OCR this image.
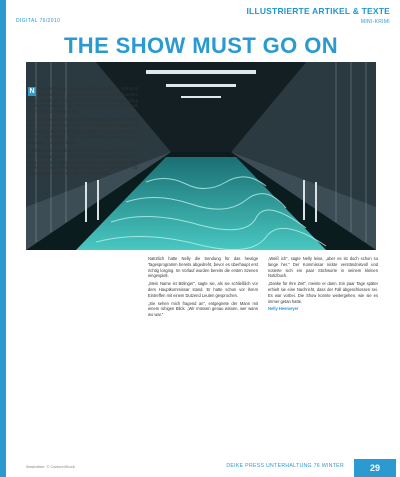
ILLUSTRIERTE ARTIKEL & TEXTE
DIGITAL 76/2010	MINI-KRIMI
THE SHOW MUST GO ON

N Nelly Heemeyer ließ eigentlich Nerge füllen. Während ihre Gäste sich im Rahmen eines Sonntag verbrachten hatte, spielte die Show um sie herum als Sonntagsausflug zu dem Rennen am Bad. Sie wusste noch nicht, was heute noch alles geschehen sollte.

„Ich werde mich jetzt in die besten Kostüm hüllen“, erklärte sie. Die Sitze waren bereits mit Menschen belegt, die gespannt auf die Vorstellung warteten. Nelly war nicht mehr davon abzubringen und die Moderation musste jetzt beginnen. Sie bat um Ruhe.

Am folgenden Vormittag fühlte sich Nelly Wagner - und wohl bald niemand mehr mit ihren Kollegen in einer heimeligen Stimmung. Die Aufnahme der nächsten Folge stand an. Das Publikum war vollzählig erschienen, und auch die Kameraleute hatten ihre Plätze eingenommen.

Natürlich hatte Nelly die Sendung für das heutige Tagesprogramm bereits abgedreht, bevor es überhaupt erst richtig losging. Im Vorlauf wurden bereits die ersten Szenen eingespielt.

„Mein Name ist Bölinger“, sagte sie, als sie schließlich vor dem Hauptkommissar stand. Er hatte schon vor ihrem Eintreffen mit einem Dutzend Leuten gesprochen.

„Sie sehen mich fragend an“, entgegnete der Mann mit einem ruhigen Blick. „Wir müssen genau wissen, wer wann wo war.“

„Weiß ich“, sagte Nelly leise, „aber es ist doch schon so lange her.“ Der Kommissar nickte verständnisvoll und notierte sich ein paar Stichworte in seinem kleinen Notizbuch.

„Danke für Ihre Zeit“, meinte er dann. Ein paar Tage später erhielt sie eine Nachricht, dass der Fall abgeschlossen sei. Es war vorbei. Die Show konnte weitergehen, wie sie es immer getan hatte.

Nelly Heemeyer

Illustration: © CartoonStock	DEIKE PRESS UNTERHALTUNG 76 WINTER	29
